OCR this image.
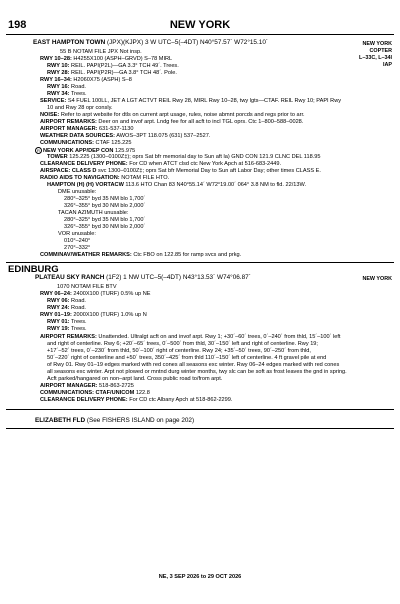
198	NEW YORK
NEW YORK
COPTER
L–33C, L–34I
IAP
EAST HAMPTON TOWN (JPX)(KJPX) 3 W UTC–5(–4DT) N40°57.57´ W72°15.10´
55 B NOTAM FILE JPX Not insp.
RWY 10–28: H4255X100 (ASPH–GRVD) S–78 MIRL
RWY 10: REIL. PAPI(P2L)—GA 3.3° TCH 49´. Trees.
RWY 28: REIL. PAPI(P2R)—GA 3.8° TCH 48´. Pole.
RWY 16–34: H2060X75 (ASPH) S–8
RWY 16: Road.
RWY 34: Trees.
SERVICE: S4 FUEL 100LL, JET A LGT ACTVT REIL Rwy 28, MIRL Rwy 10–28, twy lgts—CTAF. REIL Rwy 10; PAPI Rwy
10 and Rwy 28 opr consly.
NOISE: Refer to arpt website for dtls on current arpt usage, rules, noise abmnt porcds and regs prior to arr.
AIRPORT REMARKS: Deer on and invof arpt. Lndg fee for all acft to incl TGL oprs. Ctc 1–800–588–0028.
AIRPORT MANAGER: 631-537-1130
WEATHER DATA SOURCES: AWOS–3PT 118.075 (631) 537–2527.
COMMUNICATIONS: CTAF 125.225
R NEW YORK APP/DEP CON 125.975
TOWER 125.225 (1300–0100Z‡); oprs Sat bfr memorial day to Sun aft la) GND CON 121.9 CLNC DEL 118.95
CLEARANCE DELIVERY PHONE: For CD when ATCT clsd ctc New York Apch at 516-683-2449.
AIRSPACE: CLASS D svc 1300–0100Z‡; oprs Sat bfr Memorial Day to Sun aft Labor Day; other times CLASS E.
RADIO AIDS TO NAVIGATION: NOTAM FILE HTO.
HAMPTON (H) (H) VORTACW 113.6 HTO Chan 83 N40°55.14´ W72°19.00´ 064° 3.8 NM to fld. 22/13W.
DME unusable:
280°–325° byd 35 NM blo 1,700´
326°–355° byd 30 NM blo 2,000´
TACAN AZIMUTH unusable:
280°–325° byd 35 NM blo 1,700´
326°–355° byd 30 NM blo 2,000´
VOR unusable:
010°–240°
270°–332°
COMM/NAV/WEATHER REMARKS: Ctc FBO on 122.85 for ramp svcs and prkg.
EDINBURG
NEW YORK
PLATEAU SKY RANCH (1F2) 1 NW UTC–5(–4DT) N43°13.53´ W74°06.87´
1070 NOTAM FILE BTV
RWY 06–24: 2400X100 (TURF) 0.5% up NE
RWY 06: Road.
RWY 24: Road.
RWY 01–19: 2000X100 (TURF) 1.0% up N
RWY 01: Trees.
RWY 19: Trees.
AIRPORT REMARKS: Unattended. Ultralgt acft on and invof arpt. Rwy 1; +30´–60´ trees, 0´–240´ from thld, 15´–100´ left
and right of centerline. Rwy 6; +20´–65´ trees, 0´–500´ from thld, 30´–150´ left and right of centerline. Rwy 19;
+17´–52´ trees, 0´–230´ from thld, 50´–100´ right of centerline. Rwy 24; +35´–50´ trees, 90´–250´ from thld,
50´–220´ right of centerline and +50´ trees, 350´–425´ from thld 110´–150´ left of centerline. 4 ft gravel pile at end
of Rwy 01. Rwy 01–19 edges marked with red cones all seasons exc winter. Rwy 06–24 edges marked with red cones
all seasons exc winter. Arpt not plowed or mntnd durg winter months, twy slc can be soft as frost leaves the gnd in spring.
Acft parked/hangared on non–arpt land. Cross public road to/from arpt.
AIRPORT MANAGER: 518-863-2725
COMMUNICATIONS: CTAF/UNICOM 122.8
CLEARANCE DELIVERY PHONE: For CD ctc Albany Apch at 518-862-2299.
ELIZABETH FLD (See FISHERS ISLAND on page 202)
NE, 3 SEP 2026 to 29 OCT 2026
